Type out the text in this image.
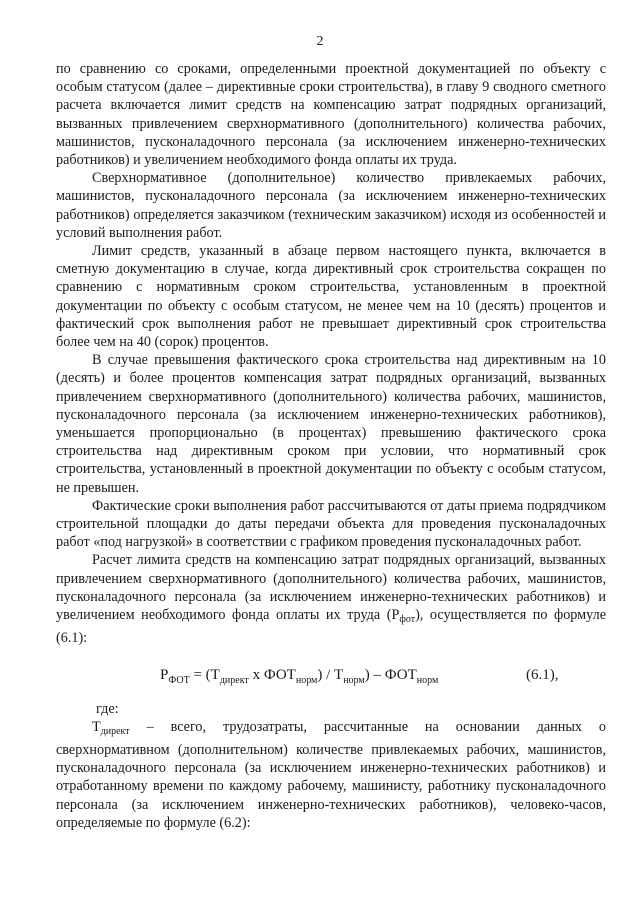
2

по сравнению со сроками, определенными проектной документацией по объекту с особым статусом (далее – директивные сроки строительства), в главу 9 сводного сметного расчета включается лимит средств на компенсацию затрат подрядных организаций, вызванных привлечением сверхнормативного (дополнительного) количества рабочих, машинистов, пусконаладочного персонала (за исключением инженерно-технических работников) и увеличением необходимого фонда оплаты их труда.

Сверхнормативное (дополнительное) количество привлекаемых рабочих, машинистов, пусконаладочного персонала (за исключением инженерно-технических работников) определяется заказчиком (техническим заказчиком) исходя из особенностей и условий выполнения работ.

Лимит средств, указанный в абзаце первом настоящего пункта, включается в сметную документацию в случае, когда директивный срок строительства сокращен по сравнению с нормативным сроком строительства, установленным в проектной документации по объекту с особым статусом, не менее чем на 10 (десять) процентов и фактический срок выполнения работ не превышает директивный срок строительства более чем на 40 (сорок) процентов.

В случае превышения фактического срока строительства над директивным на 10 (десять) и более процентов компенсация затрат подрядных организаций, вызванных привлечением сверхнормативного (дополнительного) количества рабочих, машинистов, пусконаладочного персонала (за исключением инженерно-технических работников), уменьшается пропорционально (в процентах) превышению фактического срока строительства над директивным сроком при условии, что нормативный срок строительства, установленный в проектной документации по объекту с особым статусом, не превышен.

Фактические сроки выполнения работ рассчитываются от даты приема подрядчиком строительной площадки до даты передачи объекта для проведения пусконаладочных работ «под нагрузкой» в соответствии с графиком проведения пусконаладочных работ.

Расчет лимита средств на компенсацию затрат подрядных организаций, вызванных привлечением сверхнормативного (дополнительного) количества рабочих, машинистов, пусконаладочного персонала (за исключением инженерно-технических работников) и увеличением необходимого фонда оплаты их труда $(Р_{фот})$, осуществляется по формуле (6.1):

$Р_{ФОТ} = (Т_{директ}$ x $ФОТ_{норм}) / Т_{норм}) - ФОТ_{норм}$	(6.1),

где:

$Т_{директ}$ – всего, трудозатраты, рассчитанные на основании данных о сверхнормативном (дополнительном) количестве привлекаемых рабочих, машинистов, пусконаладочного персонала (за исключением инженерно-технических работников) и отработанному времени по каждому рабочему, машинисту, работнику пусконаладочного персонала (за исключением инженерно-технических работников), человеко-часов, определяемые по формуле (6.2):
